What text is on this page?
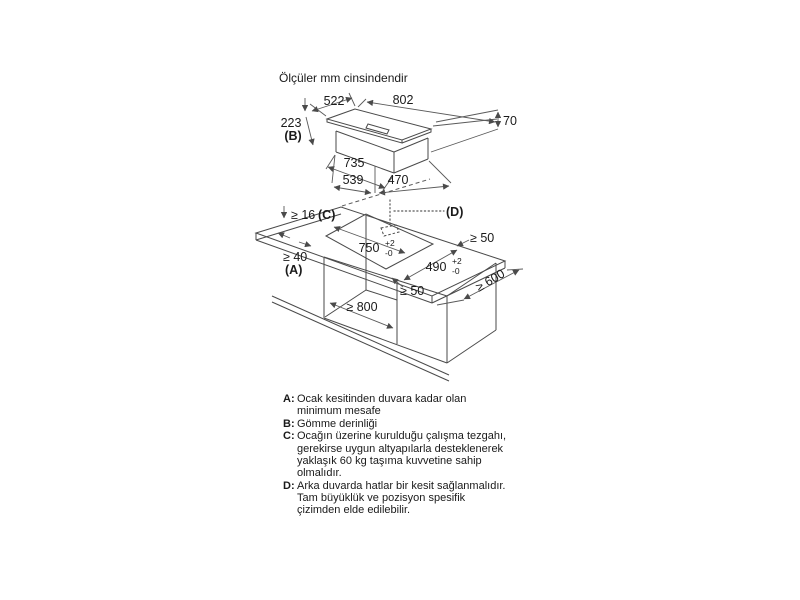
Ölçüler mm cinsindendir
522	802
70
223
(B)
735
539 470
≥ 16 (C)
≥ 40
(A)
(D)
750 +2
-0
490 +2
-0
≥ 50
≥ 50	≥ 600
≥ 800
A: Ocak kesitinden duvara kadar olan
minimum mesafe
B: Gömme derinliği
C: Ocağın üzerine kurulduğu çalışma tezgahı,
gerekirse uygun altyapılarla desteklenerek
yaklaşık 60 kg taşıma kuvvetine sahip
olmalıdır.
D: Arka duvarda hatlar bir kesit sağlanmalıdır.
Tam büyüklük ve pozisyon spesifik
çizimden elde edilebilir.
